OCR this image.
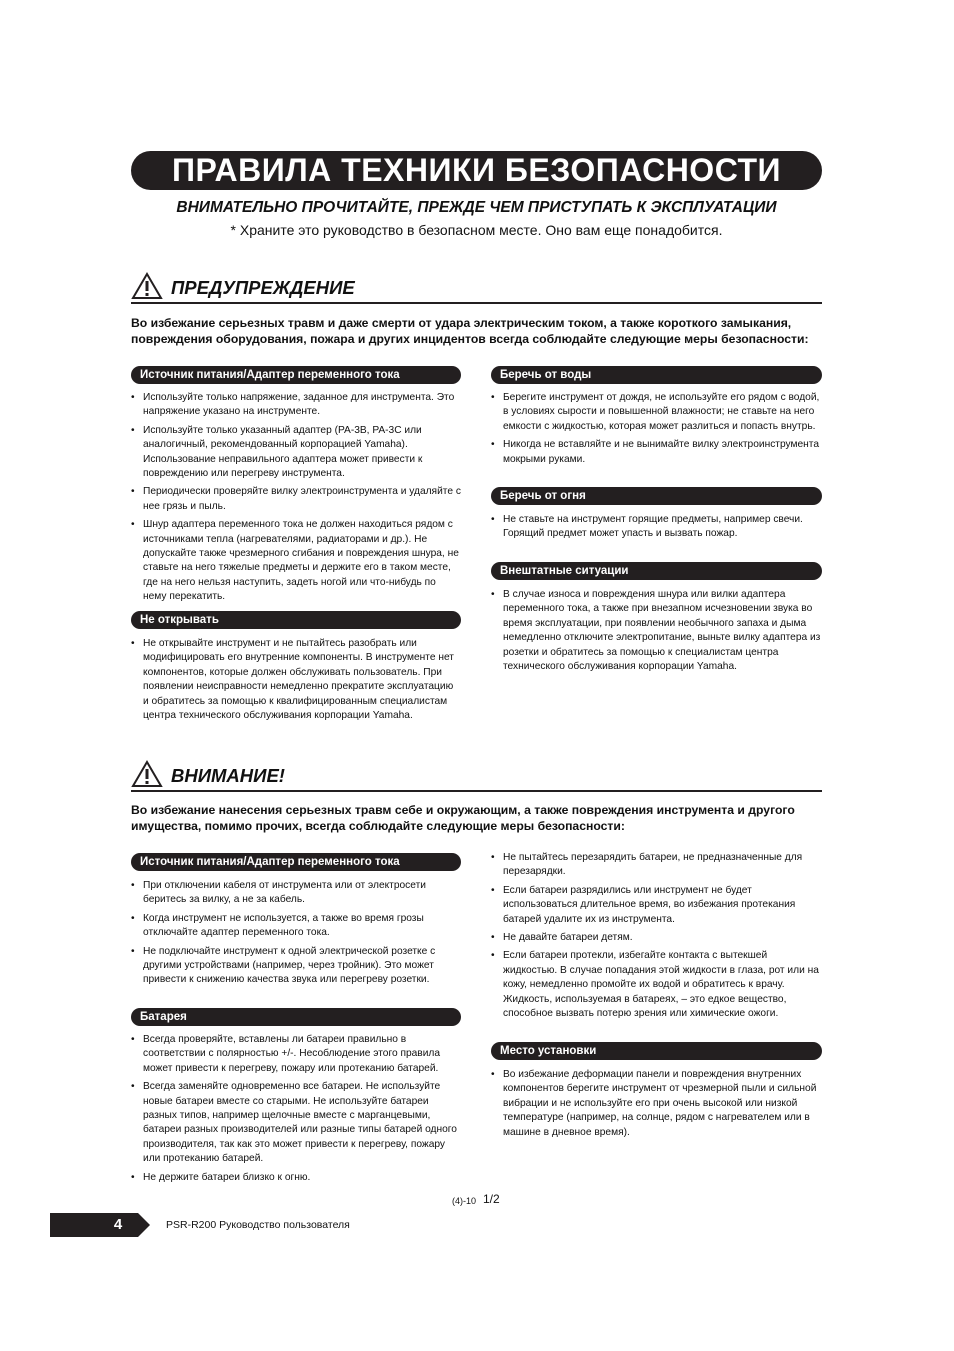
ПРАВИЛА ТЕХНИКИ БЕЗОПАСНОСТИ
ВНИМАТЕЛЬНО ПРОЧИТАЙТЕ, ПРЕЖДЕ ЧЕМ ПРИСТУПАТЬ К ЭКСПЛУАТАЦИИ
* Храните это руководство в безопасном месте. Оно вам еще понадобится.
ПРЕДУПРЕЖДЕНИЕ
Во избежание серьезных травм и даже смерти от удара электрическим током, а также короткого замыкания, повреждения оборудования, пожара и других инцидентов всегда соблюдайте следующие меры безопасности:
Источник питания/Адаптер переменного тока
• Используйте только напряжение, заданное для инструмента. Это напряжение указано на инструменте.
• Используйте только указанный адаптер (PA-3B, PA-3C или аналогичный, рекомендованный корпорацией Yamaha). Использование неправильного адаптера может привести к повреждению или перегреву инструмента.
• Периодически проверяйте вилку электроинструмента и удаляйте с нее грязь и пыль.
• Шнур адаптера переменного тока не должен находиться рядом с источниками тепла (нагревателями, радиаторами и др.). Не допускайте также чрезмерного сгибания и повреждения шнура, не ставьте на него тяжелые предметы и держите его в таком месте, где на него нельзя наступить, задеть ногой или что-нибудь по нему перекатить.
Не открывать
• Не открывайте инструмент и не пытайтесь разобрать или модифицировать его внутренние компоненты. В инструменте нет компонентов, которые должен обслуживать пользователь. При появлении неисправности немедленно прекратите эксплуатацию и обратитесь за помощью к квалифицированным специалистам центра технического обслуживания корпорации Yamaha.
Беречь от воды
• Берегите инструмент от дождя, не используйте его рядом с водой, в условиях сырости и повышенной влажности; не ставьте на него емкости с жидкостью, которая может разлиться и попасть внутрь.
• Никогда не вставляйте и не вынимайте вилку электроинструмента мокрыми руками.
Беречь от огня
• Не ставьте на инструмент горящие предметы, например свечи. Горящий предмет может упасть и вызвать пожар.
Внештатные ситуации
• В случае износа и повреждения шнура или вилки адаптера переменного тока, а также при внезапном исчезновении звука во время эксплуатации, при появлении необычного запаха и дыма немедленно отключите электропитание, выньте вилку адаптера из розетки и обратитесь за помощью к специалистам центра технического обслуживания корпорации Yamaha.
ВНИМАНИЕ!
Во избежание нанесения серьезных травм себе и окружающим, а также повреждения инструмента и другого имущества, помимо прочих, всегда соблюдайте следующие меры безопасности:
Источник питания/Адаптер переменного тока
• При отключении кабеля от инструмента или от электросети беритесь за вилку, а не за кабель.
• Когда инструмент не используется, а также во время грозы отключайте адаптер переменного тока.
• Не подключайте инструмент к одной электрической розетке с другими устройствами (например, через тройник). Это может привести к снижению качества звука или перегреву розетки.
Батарея
• Всегда проверяйте, вставлены ли батареи правильно в соответствии с полярностью +/-. Несоблюдение этого правила может привести к перегреву, пожару или протеканию батарей.
• Всегда заменяйте одновременно все батареи. Не используйте новые батареи вместе со старыми. Не используйте батареи разных типов, например щелочные вместе с марганцевыми, батареи разных производителей или разные типы батарей одного производителя, так как это может привести к перегреву, пожару или протеканию батарей.
• Не держите батареи близко к огню.
• Не пытайтесь перезарядить батареи, не предназначенные для перезарядки.
• Если батареи разрядились или инструмент не будет использоваться длительное время, во избежания протекания батарей удалите их из инструмента.
• Не давайте батареи детям.
• Если батареи протекли, избегайте контакта с вытекшей жидкостью. В случае попадания этой жидкости в глаза, рот или на кожу, немедленно промойте их водой и обратитесь к врачу. Жидкость, используемая в батареях, – это едкое вещество, способное вызвать потерю зрения или химические ожоги.
Место установки
• Во избежание деформации панели и повреждения внутренних компонентов берегите инструмент от чрезмерной пыли и сильной вибрации и не используйте его при очень высокой или низкой температуре (например, на солнце, рядом с нагревателем или в машине в дневное время).
(4)-10 1/2
4	PSR-R200 Руководство пользователя
